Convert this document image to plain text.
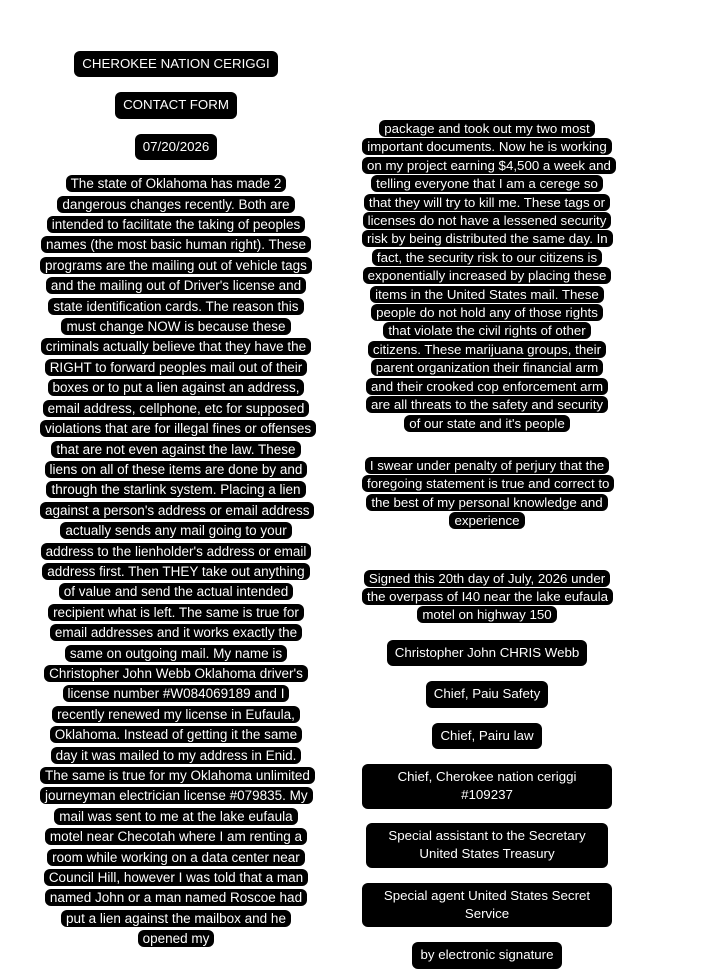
CHEROKEE NATION CERIGGI
CONTACT FORM
07/20/2026
The state of Oklahoma has made 2 dangerous changes recently. Both are intended to facilitate the taking of peoples names (the most basic human right). These programs are the mailing out of vehicle tags and the mailing out of Driver's license and state identification cards. The reason this must change NOW is because these criminals actually believe that they have the RIGHT to forward peoples mail out of their boxes or to put a lien against an address, email address, cellphone, etc for supposed violations that are for illegal fines or offenses that are not even against the law. These liens on all of these items are done by and through the starlink system. Placing a lien against a person's address or email address actually sends any mail going to your address to the lienholder's address or email address first. Then THEY take out anything of value and send the actual intended recipient what is left. The same is true for email addresses and it works exactly the same on outgoing mail. My name is Christopher John Webb Oklahoma driver's license number #W084069189 and I recently renewed my license in Eufaula, Oklahoma. Instead of getting it the same day it was mailed to my address in Enid. The same is true for my Oklahoma unlimited journeyman electrician license #079835. My mail was sent to me at the lake eufaula motel near Checotah where I am renting a room while working on a data center near Council Hill, however I was told that a man named John or a man named Roscoe had put a lien against the mailbox and he opened my
package and took out my two most important documents. Now he is working on my project earning $4,500 a week and telling everyone that I am a cerege so that they will try to kill me. These tags or licenses do not have a lessened security risk by being distributed the same day. In fact, the security risk to our citizens is exponentially increased by placing these items in the United States mail. These people do not hold any of those rights that violate the civil rights of other citizens. These marijuana groups, their parent organization their financial arm and their crooked cop enforcement arm are all threats to the safety and security of our state and it's people
I swear under penalty of perjury that the foregoing statement is true and correct to the best of my personal knowledge and experience
Signed this 20th day of July, 2026 under the overpass of I40 near the lake eufaula motel on highway 150
Christopher John CHRIS Webb
Chief, Paiu Safety
Chief, Pairu law
Chief, Cherokee nation ceriggi #109237
Special assistant to the Secretary United States Treasury
Special agent United States Secret Service
by electronic signature
